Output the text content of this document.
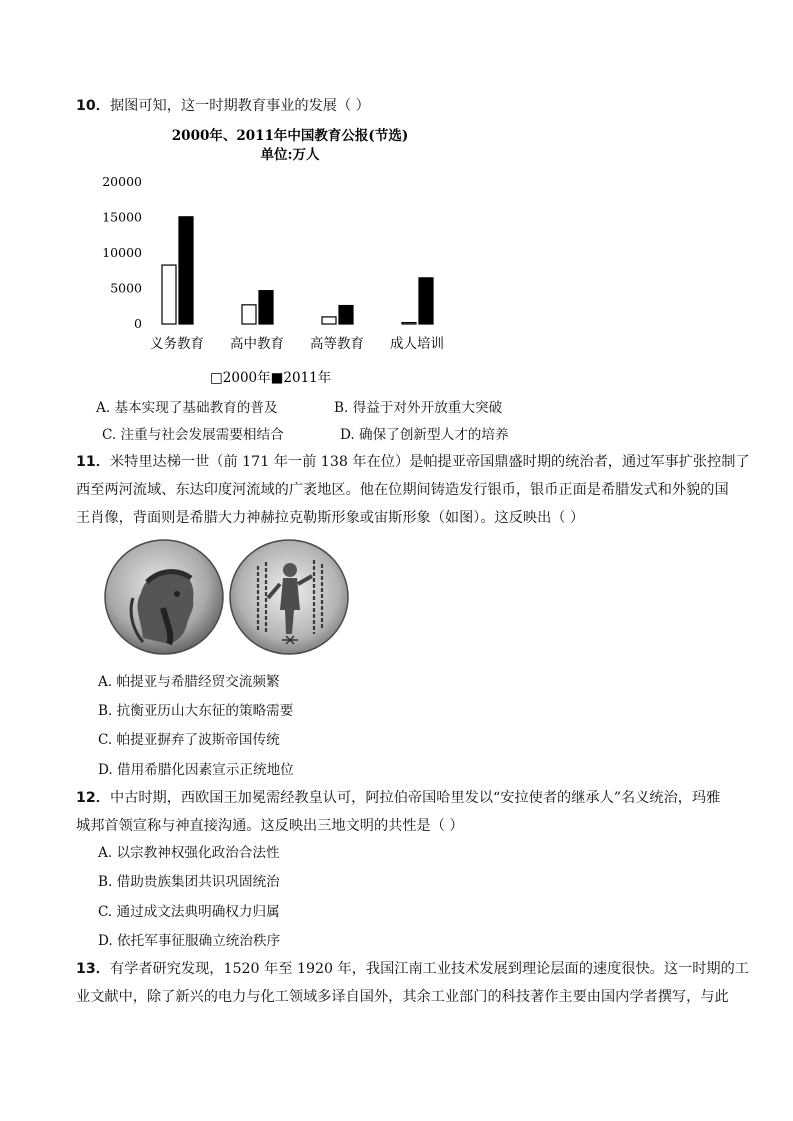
10．据图可知，这一时期教育事业的发展（ ）
2000年、2011年中国教育公报(节选)
单位:万人
0
5000
10000
15000
20000
义务教育 高中教育 高等教育 成人培训
□2000年■2011年
A. 基本实现了基础教育的普及	B. 得益于对外开放重大突破
C. 注重与社会发展需要相结合	D. 确保了创新型人才的培养
11．米特里达梯一世（前 171 年一前 138 年在位）是帕提亚帝国鼎盛时期的统治者，通过军事扩张控制了
西至两河流域、东达印度河流域的广袤地区。他在位期间铸造发行银币，银币正面是希腊发式和外貌的国
王肖像，背面则是希腊大力神赫拉克勒斯形象或宙斯形象（如图）。这反映出（ ）
A. 帕提亚与希腊经贸交流频繁
B. 抗衡亚历山大东征的策略需要
C. 帕提亚摒弃了波斯帝国传统
D. 借用希腊化因素宣示正统地位
12．中古时期，西欧国王加冕需经教皇认可，阿拉伯帝国哈里发以“安拉使者的继承人”名义统治，玛雅
城邦首领宣称与神直接沟通。这反映出三地文明的共性是（ ）
A. 以宗教神权强化政治合法性
B. 借助贵族集团共识巩固统治
C. 通过成文法典明确权力归属
D. 依托军事征服确立统治秩序
13．有学者研究发现，1520 年至 1920 年，我国江南工业技术发展到理论层面的速度很快。这一时期的工
业文献中，除了新兴的电力与化工领域多译自国外，其余工业部门的科技著作主要由国内学者撰写，与此
